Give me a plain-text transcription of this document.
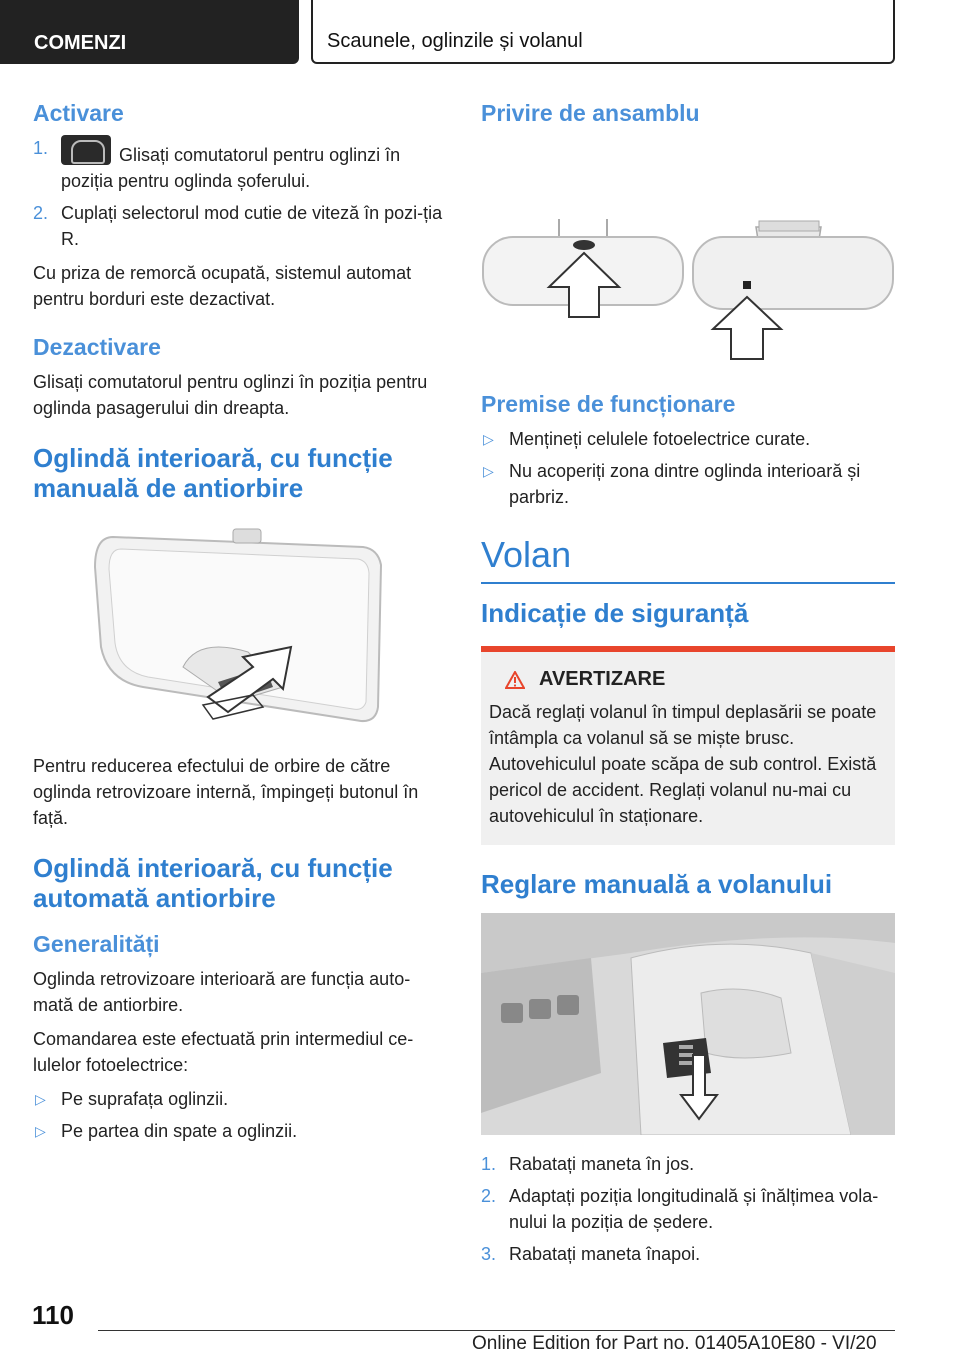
COMENZI	Scaunele, oglinzile și volanul
Activare
1.	Glisați comutatorul pentru oglinzi în poziția pentru oglinda șoferului.
2. Cuplați selectorul mod cutie de viteză în pozi‐ția R.

Cu priza de remorcă ocupată, sistemul automat pentru borduri este dezactivat.

Dezactivare

Glisați comutatorul pentru oglinzi în poziția pentru oglinda pasagerului din dreapta.

Oglindă interioară, cu funcție manuală de antiorbire

Pentru reducerea efectului de orbire de către oglinda retrovizoare internă, împingeți butonul în față.

Oglindă interioară, cu funcție automată antiorbire
Generalități

Oglinda retrovizoare interioară are funcția auto‐mată de antiorbire.

Comandarea este efectuată prin intermediul ce‐lulelor fotoelectrice:

▷ Pe suprafața oglinzii.
▷ Pe partea din spate a oglinzii.
Privire de ansamblu
Premise de funcționare
▷ Mențineți celulele fotoelectrice curate.
▷ Nu acoperiți zona dintre oglinda interioară și parbriz.
Volan
Indicație de siguranță
AVERTIZARE

Dacă reglați volanul în timpul deplasării se poate întâmpla ca volanul să se miște brusc. Autovehiculul poate scăpa de sub control. Există pericol de accident. Reglați volanul nu‐mai cu autovehiculul în staționare.

Reglare manuală a volanului
1. Rabatați maneta în jos.
2. Adaptați poziția longitudinală și înălțimea vola‐nului la poziția de ședere.
3. Rabatați maneta înapoi.
110
Online Edition for Part no. 01405A10E80 - VI/20
